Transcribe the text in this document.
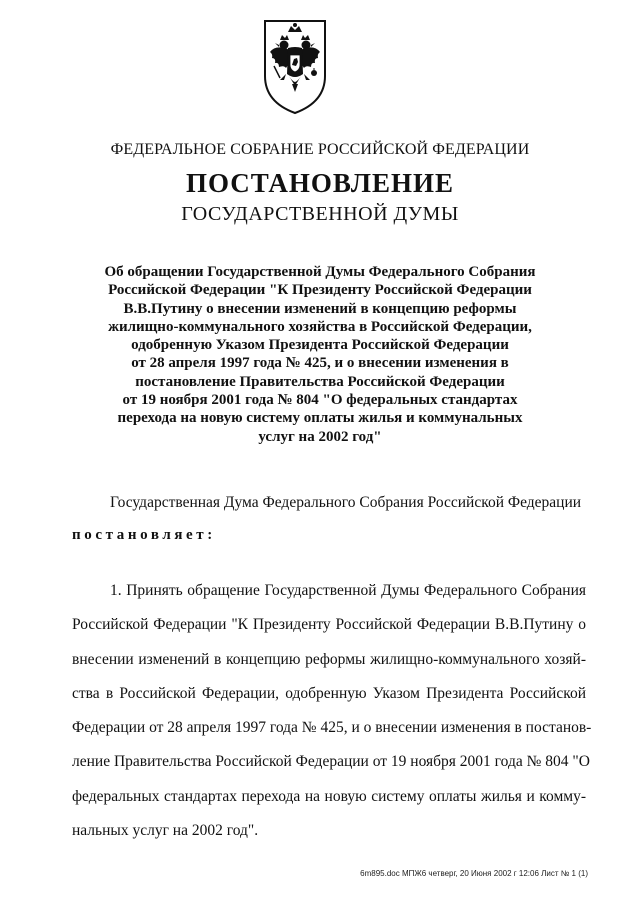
ФЕДЕРАЛЬНОЕ СОБРАНИЕ РОССИЙСКОЙ ФЕДЕРАЦИИ
ПОСТАНОВЛЕНИЕ
ГОСУДАРСТВЕННОЙ ДУМЫ
Об обращении Государственной Думы Федерального Собрания
Российской Федерации "К Президенту Российской Федерации
В.В.Путину о внесении изменений в концепцию реформы
жилищно-коммунального хозяйства в Российской Федерации,
одобренную Указом Президента Российской Федерации
от 28 апреля 1997 года № 425, и о внесении изменения в
постановление Правительства Российской Федерации
от 19 ноября 2001 года № 804 "О федеральных стандартах
перехода на новую систему оплаты жилья и коммунальных
услуг на 2002 год"
Государственная Дума Федерального Собрания Российской Федерации
постановляет:
1. Принять обращение Государственной Думы Федерального Собрания
Российской Федерации "К Президенту Российской Федерации В.В.Путину о
внесении изменений в концепцию реформы жилищно-коммунального хозяй-
ства в Российской Федерации, одобренную Указом Президента Российской
Федерации от 28 апреля 1997 года № 425, и о внесении изменения в постанов-
ление Правительства Российской Федерации от 19 ноября 2001 года № 804 "О
федеральных стандартах перехода на новую систему оплаты жилья и комму-
нальных услуг на 2002 год".
6m895.doc МПЖ6 четверг, 20 Июня 2002 г 12:06 Лист № 1 (1)
